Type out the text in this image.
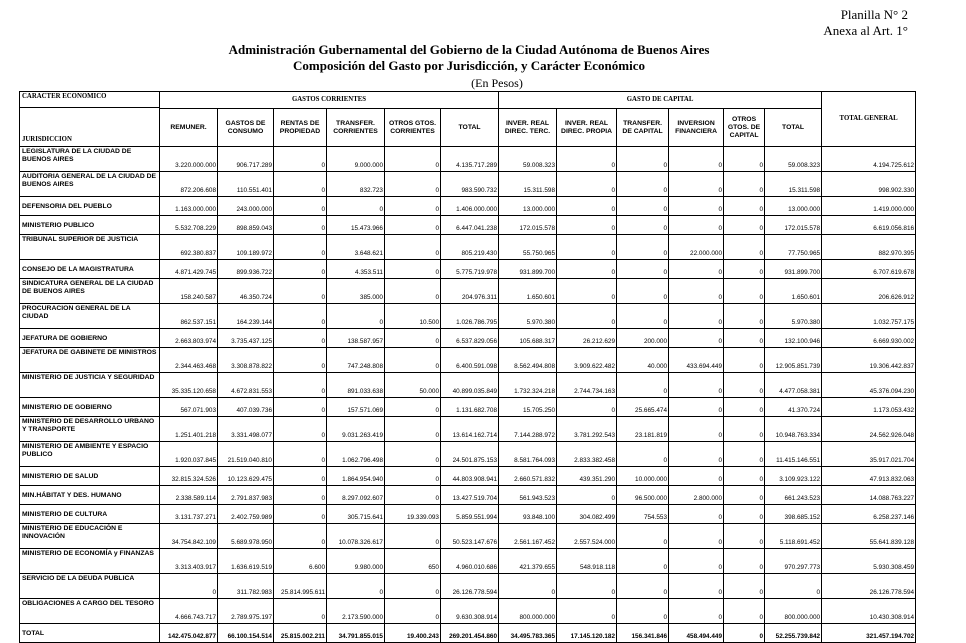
Planilla N° 2
Anexa al Art. 1°
Administración Gubernamental del Gobierno de la Ciudad Autónoma de Buenos Aires
Composición del Gasto por Jurisdicción, y Carácter Económico
(En Pesos)
CARACTER ECONOMICO
JURISDICCION	GASTOS CORRIENTES						GASTO DE CAPITAL						TOTAL GENERAL
	REMUNER.	GASTOS DE CONSUMO	RENTAS DE PROPIEDAD	TRANSFER. CORRIENTES	OTROS GTOS. CORRIENTES	TOTAL	INVER. REAL DIREC. TERC.	INVER. REAL DIREC. PROPIA	TRANSFER. DE CAPITAL	INVERSION FINANCIERA	OTROS GTOS. DE CAPITAL	TOTAL	
LEGISLATURA DE LA CIUDAD DE BUENOS AIRES	3.220.000.000	906.717.289	0	9.000.000	0	4.135.717.289	59.008.323	0	0	0	0	59.008.323	4.194.725.612
AUDITORIA GENERAL DE LA CIUDAD DE BUENOS AIRES	872.206.608	110.551.401	0	832.723	0	983.590.732	15.311.598	0	0	0	0	15.311.598	998.902.330
DEFENSORIA DEL PUEBLO	1.163.000.000	243.000.000	0	0	0	1.406.000.000	13.000.000	0	0	0	0	13.000.000	1.419.000.000
MINISTERIO PUBLICO	5.532.708.229	898.859.043	0	15.473.966	0	6.447.041.238	172.015.578	0	0	0	0	172.015.578	6.619.056.816
TRIBUNAL SUPERIOR DE JUSTICIA	692.380.837	109.189.972	0	3.648.621	0	805.219.430	55.750.965	0	0	22.000.000	0	77.750.965	882.970.395
CONSEJO DE LA MAGISTRATURA	4.871.429.745	899.936.722	0	4.353.511	0	5.775.719.978	931.899.700	0	0	0	0	931.899.700	6.707.619.678
SINDICATURA GENERAL DE LA CIUDAD DE BUENOS AIRES	158.240.587	46.350.724	0	385.000	0	204.976.311	1.650.601	0	0	0	0	1.650.601	206.626.912
PROCURACION GENERAL DE LA CIUDAD	862.537.151	164.239.144	0	0	10.500	1.026.786.795	5.970.380	0	0	0	0	5.970.380	1.032.757.175
JEFATURA DE GOBIERNO	2.663.803.974	3.735.437.125	0	138.587.957	0	6.537.829.056	105.688.317	26.212.629	200.000	0	0	132.100.946	6.669.930.002
JEFATURA DE GABINETE DE MINISTROS	2.344.463.468	3.308.878.822	0	747.248.808	0	6.400.591.098	8.562.494.808	3.909.622.482	40.000	433.694.449	0	12.905.851.739	19.306.442.837
MINISTERIO DE JUSTICIA Y SEGURIDAD	35.335.120.658	4.672.831.553	0	891.033.638	50.000	40.899.035.849	1.732.324.218	2.744.734.163	0	0	0	4.477.058.381	45.376.094.230
MINISTERIO DE GOBIERNO	567.071.903	407.039.736	0	157.571.069	0	1.131.682.708	15.705.250	0	25.665.474	0	0	41.370.724	1.173.053.432
MINISTERIO DE DESARROLLO URBANO Y TRANSPORTE	1.251.401.218	3.331.498.077	0	9.031.263.419	0	13.614.162.714	7.144.288.972	3.781.292.543	23.181.819	0	0	10.948.763.334	24.562.926.048
MINISTERIO DE AMBIENTE Y ESPACIO PUBLICO	1.920.037.845	21.519.040.810	0	1.062.796.498	0	24.501.875.153	8.581.764.093	2.833.382.458	0	0	0	11.415.146.551	35.917.021.704
MINISTERIO DE SALUD	32.815.324.526	10.123.629.475	0	1.864.954.940	0	44.803.908.941	2.660.571.832	439.351.290	10.000.000	0	0	3.109.923.122	47.913.832.063
MIN.HÁBITAT Y DES. HUMANO	2.338.589.114	2.791.837.983	0	8.297.092.607	0	13.427.519.704	561.943.523	0	96.500.000	2.800.000	0	661.243.523	14.088.763.227
MINISTERIO DE CULTURA	3.131.737.271	2.402.759.989	0	305.715.641	19.339.093	5.859.551.994	93.848.100	304.082.499	754.553	0	0	398.685.152	6.258.237.146
MINISTERIO DE EDUCACIÓN E INNOVACIÓN	34.754.842.109	5.689.978.950	0	10.078.326.617	0	50.523.147.676	2.561.167.452	2.557.524.000	0	0	0	5.118.691.452	55.641.839.128
MINISTERIO DE ECONOMÍA y FINANZAS	3.313.403.917	1.636.619.519	6.600	9.980.000	650	4.960.010.686	421.379.655	548.918.118	0	0	0	970.297.773	5.930.308.459
SERVICIO DE LA DEUDA PUBLICA	0	311.782.983	25.814.995.611	0	0	26.126.778.594	0	0	0	0	0	0	26.126.778.594
OBLIGACIONES A CARGO DEL TESORO	4.666.743.717	2.789.975.197	0	2.173.590.000	0	9.630.308.914	800.000.000	0	0	0	0	800.000.000	10.430.308.914
TOTAL	142.475.042.877	66.100.154.514	25.815.002.211	34.791.855.015	19.400.243	269.201.454.860	34.495.783.365	17.145.120.182	156.341.846	458.494.449	0	52.255.739.842	321.457.194.702
